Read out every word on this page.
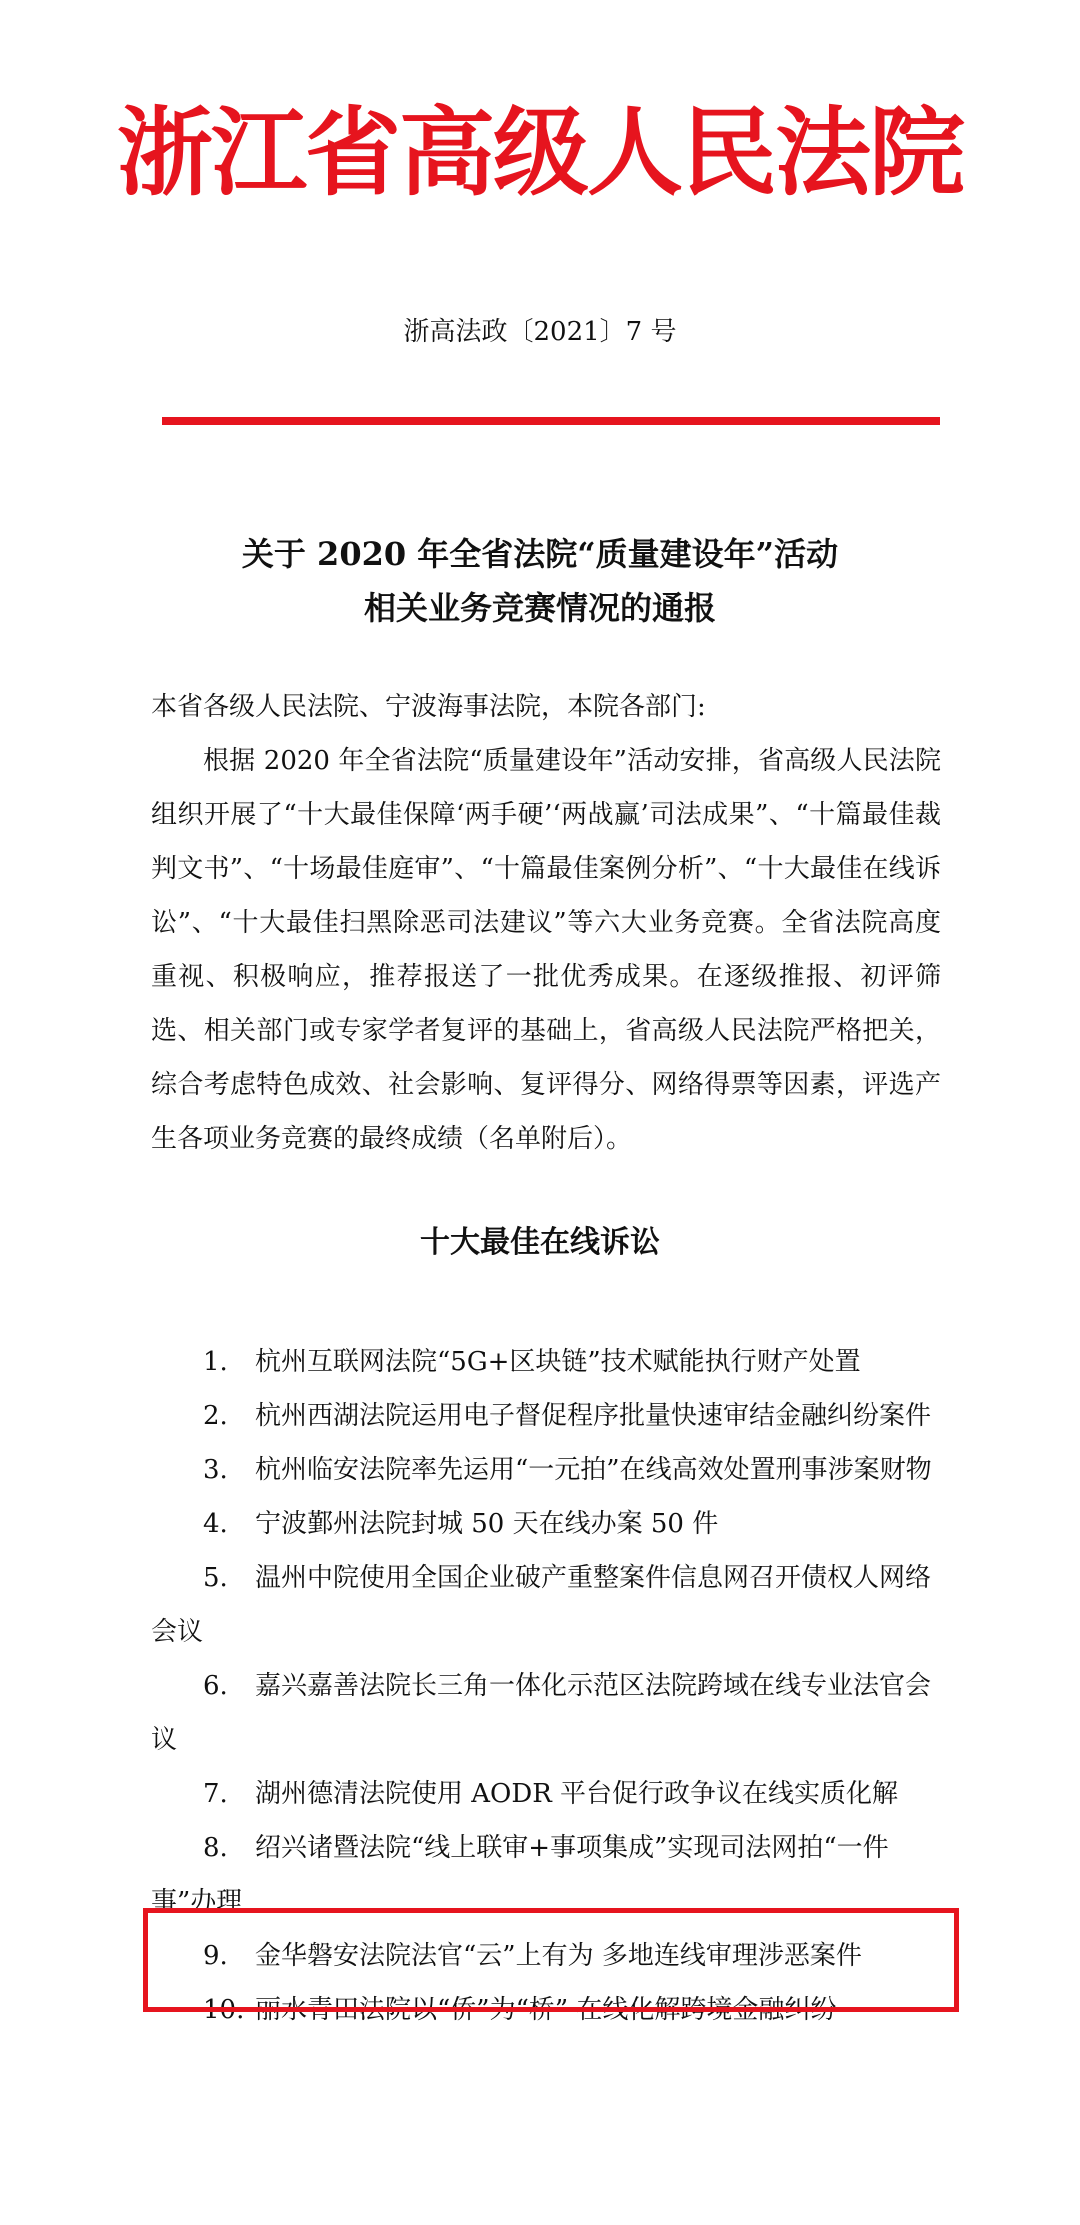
浙江省高级人民法院
浙高法政〔2021〕7 号
关于 2020 年全省法院“质量建设年”活动
相关业务竞赛情况的通报
本省各级人民法院、宁波海事法院，本院各部门:
根据 2020 年全省法院“质量建设年”活动安排，省高级人民法院组织开展了“十大最佳保障‘两手硬’‘两战赢’司法成果”、“十篇最佳裁判文书”、“十场最佳庭审”、“十篇最佳案例分析”、“十大最佳在线诉讼”、“十大最佳扫黑除恶司法建议”等六大业务竞赛。全省法院高度重视、积极响应，推荐报送了一批优秀成果。在逐级推报、初评筛选、相关部门或专家学者复评的基础上，省高级人民法院严格把关，综合考虑特色成效、社会影响、复评得分、网络得票等因素，评选产生各项业务竞赛的最终成绩（名单附后）。
十大最佳在线诉讼
1. 杭州互联网法院“5G+区块链”技术赋能执行财产处置
2. 杭州西湖法院运用电子督促程序批量快速审结金融纠纷案件
3. 杭州临安法院率先运用“一元拍”在线高效处置刑事涉案财物
4. 宁波鄞州法院封城 50 天在线办案 50 件
5. 温州中院使用全国企业破产重整案件信息网召开债权人网络会议
6. 嘉兴嘉善法院长三角一体化示范区法院跨域在线专业法官会议
7. 湖州德清法院使用 AODR 平台促行政争议在线实质化解
8. 绍兴诸暨法院“线上联审+事项集成”实现司法网拍“一件事”办理
9. 金华磐安法院法官“云”上有为 多地连线审理涉恶案件
10. 丽水青田法院以“侨”为“桥” 在线化解跨境金融纠纷
